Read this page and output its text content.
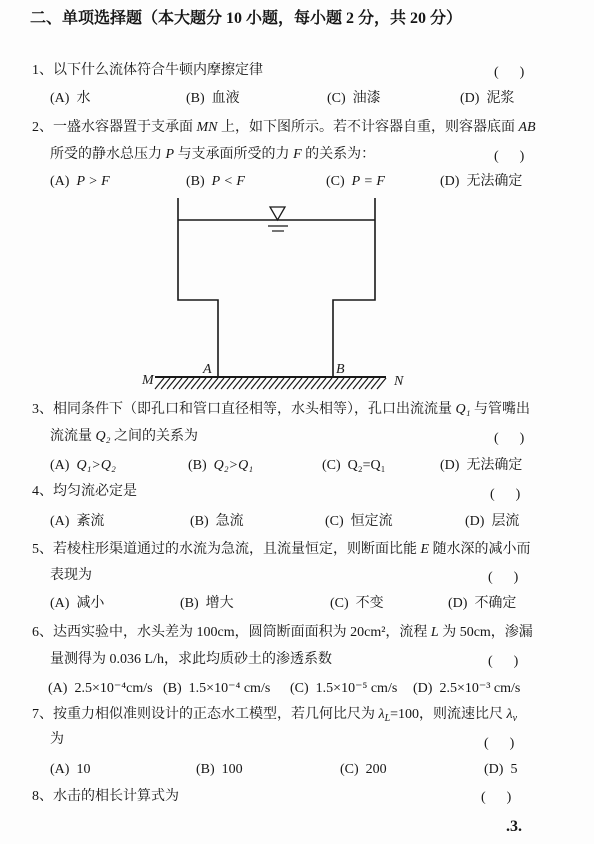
二、单项选择题（本大题分 10 小题，每小题 2 分，共 20 分）
1、以下什么流体符合牛顿内摩擦定律	(      )
(A) 水	(B) 血液	(C) 油漆	(D) 泥浆
2、一盛水容器置于支承面 MN 上，如下图所示。若不计容器自重，则容器底面 AB
所受的静水总压力 P 与支承面所受的力 F 的关系为：	(      )
(A) P > F	(B) P < F	(C) P = F	(D) 无法确定
M
A	B
N
3、相同条件下（即孔口和管口直径相等，水头相等），孔口出流流量 Q₁ 与管嘴出
流流量 Q₂ 之间的关系为	(      )
(A) Q₁>Q₂	(B) Q₂>Q₁	(C) Q₂=Q₁	(D) 无法确定
4、均匀流必定是	(      )
(A) 紊流	(B) 急流	(C) 恒定流	(D) 层流
5、若棱柱形渠道通过的水流为急流，且流量恒定，则断面比能 E 随水深的减小而
表现为	(      )
(A) 减小	(B) 增大	(C) 不变	(D) 不确定
6、达西实验中，水头差为 100cm，圆筒断面面积为 20cm²，流程 L 为 50cm，渗漏
量测得为 0.036 L/h，求此均质砂土的渗透系数	(      )
(A) 2.5×10⁻⁴cm/s (B) 1.5×10⁻⁴ cm/s (C) 1.5×10⁻⁵ cm/s (D) 2.5×10⁻³ cm/s
7、按重力相似准则设计的正态水工模型，若几何比尺为 $\lambda_L=100$，则流速比尺 $\lambda_v$
为	(      )
(A) 10	(B) 100	(C) 200	(D) 5
8、水击的相长计算式为	(      )
.3.
